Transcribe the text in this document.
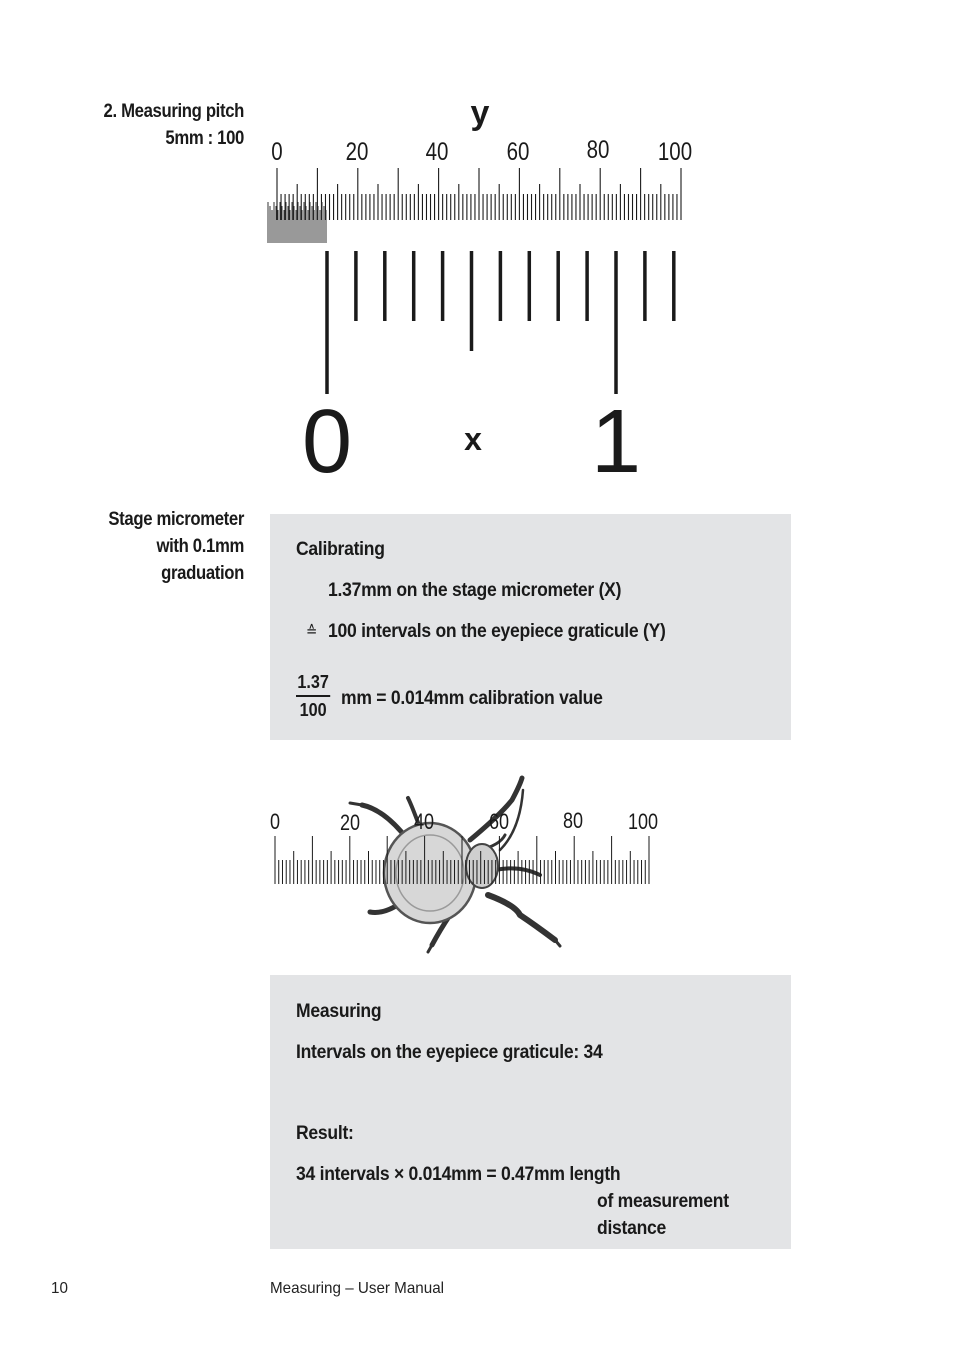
2. Measuring pitch
5mm : 100
y
0	20 40 60 80 100
0	x 1
Stage micrometer
with 0.1mm
graduation
Calibrating
1.37mm on the stage micrometer (X)
≙ 100 intervals on the eyepiece graticule (Y)
$\frac{1.37}{100}$ mm = 0.014mm calibration value
0	20 40 60 80 100
Measuring
Intervals on the eyepiece graticule: 34
Result:
34 intervals × 0.014mm = 0.47mm length
of measurement
distance
10	Measuring – User Manual
